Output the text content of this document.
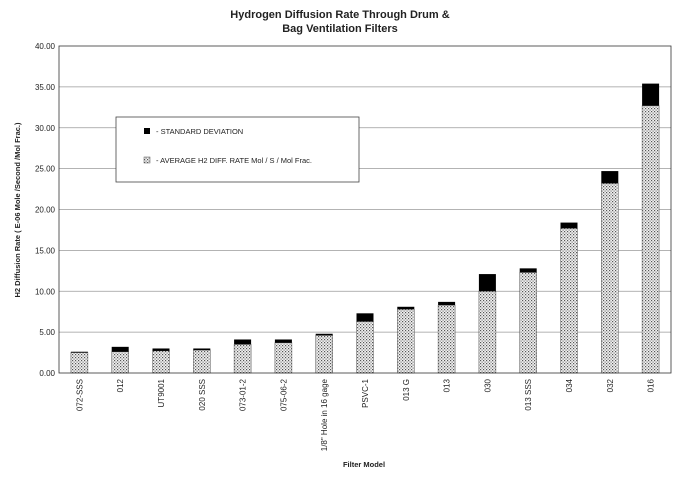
Hydrogen Diffusion Rate Through Drum &
Bag Ventilation Filters
0.00
5.00
10.00
15.00
20.00
25.00
30.00
35.00
40.00
072-SSS	012	UT9001	020 SSS	073-01-2	075-06-2	1/8" Hole in 16 gage	PSVC-1	013 G	013	030	013 SSS	034	032	016
- STANDARD DEVIATION
- AVERAGE H2 DIFF. RATE Mol / S / Mol Frac.
Filter Model
H2 Diffusion Rate ( E-06 Mole /Second /Mol Frac.)
